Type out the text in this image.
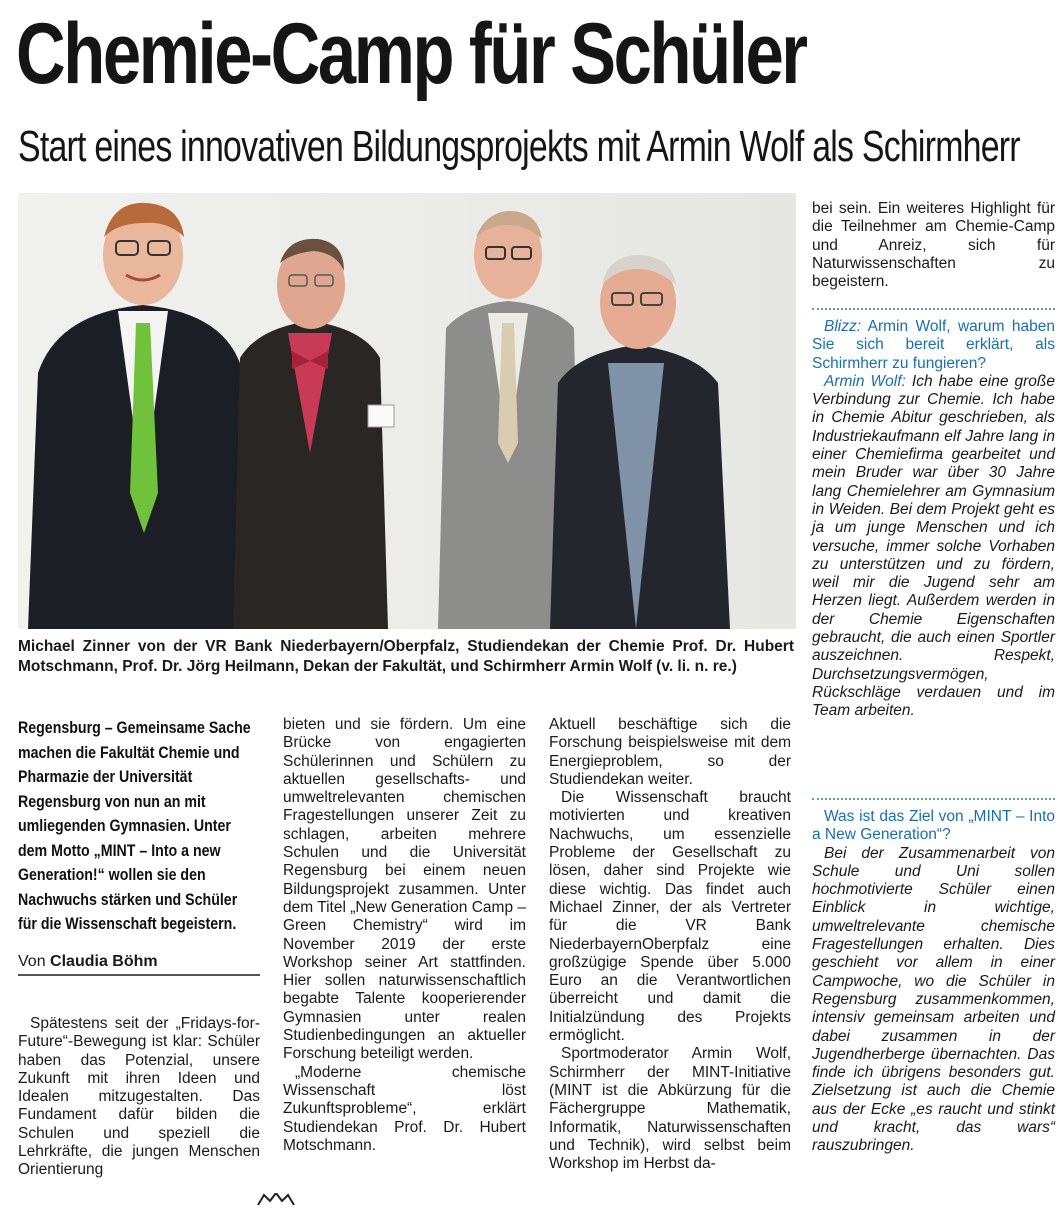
Chemie-Camp für Schüler
Start eines innovativen Bildungsprojekts mit Armin Wolf als Schirmherr
Michael Zinner von der VR Bank Niederbayern/Oberpfalz, Studiendekan der Chemie Prof. Dr. Hubert Motschmann, Prof. Dr. Jörg Heilmann, Dekan der Fakultät, und Schirmherr Armin Wolf (v. li. n. re.)

Regensburg – Gemeinsame Sache machen die Fakultät Chemie und Pharmazie der Universität Regensburg von nun an mit umliegenden Gymnasien. Unter dem Motto „MINT – Into a new Generation!“ wollen sie den Nachwuchs stärken und Schüler für die Wissenschaft begeistern.

Von Claudia Böhm

Spätestens seit der „Fridays-for-Future“-Bewegung ist klar: Schüler haben das Potenzial, unsere Zukunft mit ihren Ideen und Idealen mitzugestalten. Das Fundament dafür bilden die Schulen und speziell die Lehrkräfte, die jungen Menschen Orientierung

bieten und sie fördern. Um eine Brücke von engagierten Schülerinnen und Schülern zu aktuellen gesellschafts- und umweltrelevanten chemischen Fragestellungen unserer Zeit zu schlagen, arbeiten mehrere Schulen und die Universität Regensburg bei einem neuen Bildungsprojekt zusammen. Unter dem Titel „New Generation Camp – Green Chemistry“ wird im November 2019 der erste Workshop seiner Art stattfinden. Hier sollen naturwissenschaftlich begabte Talente kooperierender Gymnasien unter realen Studienbedingungen an aktueller Forschung beteiligt werden.

„Moderne chemische Wissenschaft löst Zukunftsprobleme“, erklärt Studiendekan Prof. Dr. Hubert Motschmann.

Aktuell beschäftige sich die Forschung beispielsweise mit dem Energieproblem, so der Studiendekan weiter.

Die Wissenschaft braucht motivierten und kreativen Nachwuchs, um essenzielle Probleme der Gesellschaft zu lösen, daher sind Projekte wie diese wichtig. Das findet auch Michael Zinner, der als Vertreter für die VR Bank NiederbayernOberpfalz eine großzügige Spende über 5.000 Euro an die Verantwortlichen überreicht und damit die Initialzündung des Projekts ermöglicht.

Sportmoderator Armin Wolf, Schirmherr der MINT-Initiative (MINT ist die Abkürzung für die Fächergruppe Mathematik, Informatik, Naturwissenschaften und Technik), wird selbst beim Workshop im Herbst da-

bei sein. Ein weiteres Highlight für die Teilnehmer am Chemie-Camp und Anreiz, sich für Naturwissenschaften zu begeistern.

Blizz: Armin Wolf, warum haben Sie sich bereit erklärt, als Schirmherr zu fungieren?

Armin Wolf: Ich habe eine große Verbindung zur Chemie. Ich habe in Chemie Abitur geschrieben, als Industriekaufmann elf Jahre lang in einer Chemiefirma gearbeitet und mein Bruder war über 30 Jahre lang Chemielehrer am Gymnasium in Weiden. Bei dem Projekt geht es ja um junge Menschen und ich versuche, immer solche Vorhaben zu unterstützen und zu fördern, weil mir die Jugend sehr am Herzen liegt. Außerdem werden in der Chemie Eigenschaften gebraucht, die auch einen Sportler auszeichnen. Respekt, Durchsetzungsvermögen, Rückschläge verdauen und im Team arbeiten.

Was ist das Ziel von „MINT – Into a New Generation“?

Bei der Zusammenarbeit von Schule und Uni sollen hochmotivierte Schüler einen Einblick in wichtige, umweltrelevante chemische Fragestellungen erhalten. Dies geschieht vor allem in einer Campwoche, wo die Schüler in Regensburg zusammenkommen, intensiv gemeinsam arbeiten und dabei zusammen in der Jugendherberge übernachten. Das finde ich übrigens besonders gut. Zielsetzung ist auch die Chemie aus der Ecke „es raucht und stinkt und kracht, das wars“ rauszubringen.
